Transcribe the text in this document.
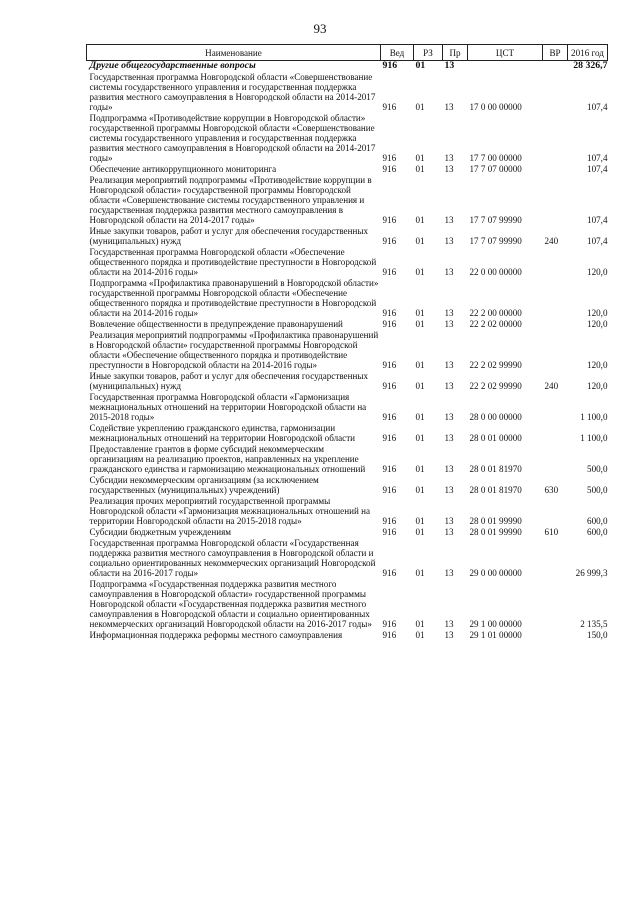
93
Наименование	Вед	РЗ	Пр	ЦСТ	ВР	2016 год
Другие общегосударственные вопросы	916	01	13			28 326,7
Государственная программа Новгородской области «Совершенствование системы государственного управления и государственная поддержка развития местного самоуправления в Новгородской области на 2014-2017 годы»	916	01	13	17 0 00 00000		107,4
Подпрограмма «Противодействие коррупции в Новгородской области» государственной программы Новгородской области «Совершенствование системы государственного управления и государственная поддержка развития местного самоуправления в Новгородской области на 2014-2017 годы»	916	01	13	17 7 00 00000		107,4
Обеспечение антикоррупционного мониторинга	916	01	13	17 7 07 00000		107,4
Реализация мероприятий подпрограммы «Противодействие коррупции в Новгородской области» государственной программы Новгородской области «Совершенствование системы государственного управления и государственная поддержка развития местного самоуправления в Новгородской области на 2014-2017 годы»	916	01	13	17 7 07 99990		107,4
Иные закупки товаров, работ и услуг для обеспечения государственных (муниципальных) нужд	916	01	13	17 7 07 99990	240	107,4
Государственная программа Новгородской области «Обеспечение общественного порядка и противодействие преступности в Новгородской области на 2014-2016 годы»	916	01	13	22 0 00 00000		120,0
Подпрограмма «Профилактика правонарушений в Новгородской области» государственной программы Новгородской области «Обеспечение общественного порядка и противодействие преступности в Новгородской области на 2014-2016 годы»	916	01	13	22 2 00 00000		120,0
Вовлечение общественности в предупреждение правонарушений	916	01	13	22 2 02 00000		120,0
Реализация мероприятий подпрограммы «Профилактика правонарушений в Новгородской области» государственной программы Новгородской области «Обеспечение общественного порядка и противодействие преступности в Новгородской области на 2014-2016 годы»	916	01	13	22 2 02 99990		120,0
Иные закупки товаров, работ и услуг для обеспечения государственных (муниципальных) нужд	916	01	13	22 2 02 99990	240	120,0
Государственная программа Новгородской области «Гармонизация межнациональных отношений на территории Новгородской области на 2015-2018 годы»	916	01	13	28 0 00 00000		1 100,0
Содействие укреплению гражданского единства, гармонизации межнациональных отношений на территории Новгородской области	916	01	13	28 0 01 00000		1 100,0
Предоставление грантов в форме субсидий некоммерческим организациям на реализацию проектов, направленных на укрепление гражданского единства и гармонизацию межнациональных отношений	916	01	13	28 0 01 81970		500,0
Субсидии некоммерческим организациям (за исключением государственных (муниципальных) учреждений)	916	01	13	28 0 01 81970	630	500,0
Реализация прочих мероприятий государственной программы Новгородской области «Гармонизация межнациональных отношений на территории Новгородской области на 2015-2018 годы»	916	01	13	28 0 01 99990		600,0
Субсидии бюджетным учреждениям	916	01	13	28 0 01 99990	610	600,0
Государственная программа Новгородской области «Государственная поддержка развития местного самоуправления в Новгородской области и социально ориентированных некоммерческих организаций Новгородской области на 2016-2017 годы»	916	01	13	29 0 00 00000		26 999,3
Подпрограмма «Государственная поддержка развития местного самоуправления в Новгородской области» государственной программы Новгородской области «Государственная поддержка развития местного самоуправления в Новгородской области и социально ориентированных некоммерческих организаций Новгородской области на 2016-2017 годы»	916	01	13	29 1 00 00000		2 135,5
Информационная поддержка реформы местного самоуправления	916	01	13	29 1 01 00000		150,0
